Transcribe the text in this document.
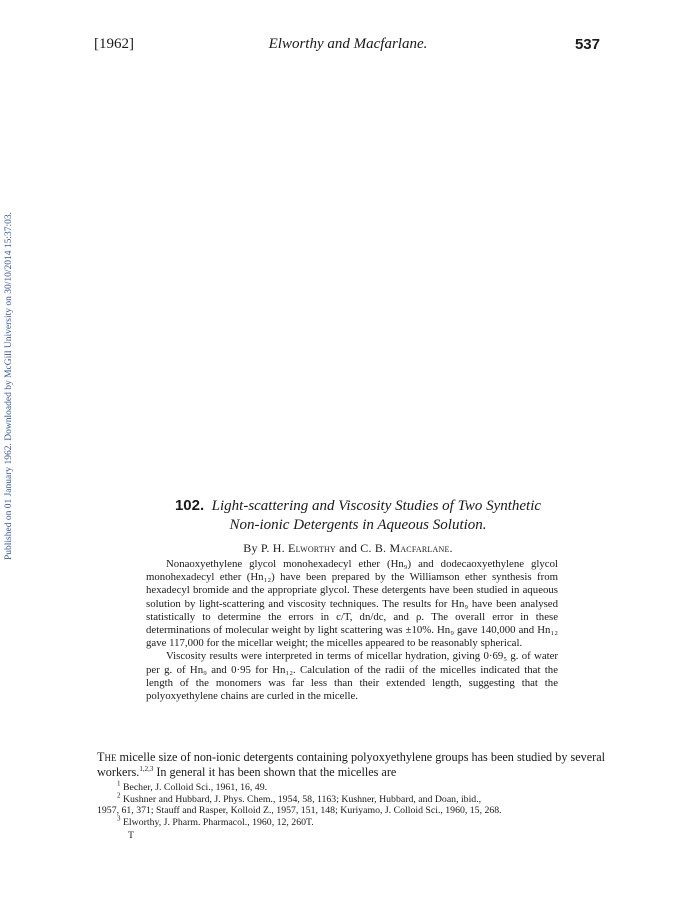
Published on 01 January 1962. Downloaded by McGill University on 30/10/2014 15:37:03.
[1962]	Elworthy and Macfarlane.	537
102. Light-scattering and Viscosity Studies of Two Synthetic
Non-ionic Detergents in Aqueous Solution.
By P. H. Elworthy and C. B. Macfarlane.

Nonaoxyethylene glycol monohexadecyl ether (Hn₉) and dodecaoxyethylene glycol monohexadecyl ether (Hn₁₂) have been prepared by the Williamson ether synthesis from hexadecyl bromide and the appropriate glycol. These detergents have been studied in aqueous solution by light-scattering and viscosity techniques. The results for Hn₉ have been analysed statistically to determine the errors in c/T, dn/dc, and ρ. The overall error in these determinations of molecular weight by light scattering was ±10%. Hn₉ gave 140,000 and Hn₁₂ gave 117,000 for the micellar weight; the micelles appeared to be reasonably spherical.

Viscosity results were interpreted in terms of micellar hydration, giving 0·69₅ g. of water per g. of Hn₉ and 0·95 for Hn₁₂. Calculation of the radii of the micelles indicated that the length of the monomers was far less than their extended length, suggesting that the polyoxyethylene chains are curled in the micelle.

The micelle size of non-ionic detergents containing polyoxyethylene groups has been studied by several workers.$^{1,2,3}$ In general it has been shown that the micelles are

$^1$ Becher, J. Colloid Sci., 1961, 16, 49.
$^2$ Kushner and Hubbard, J. Phys. Chem., 1954, 58, 1163; Kushner, Hubbard, and Doan, ibid.,
1957, 61, 371; Stauff and Rasper, Kolloid Z., 1957, 151, 148; Kuriyamo, J. Colloid Sci., 1960, 15, 268.
$^3$ Elworthy, J. Pharm. Pharmacol., 1960, 12, 260T.
T
